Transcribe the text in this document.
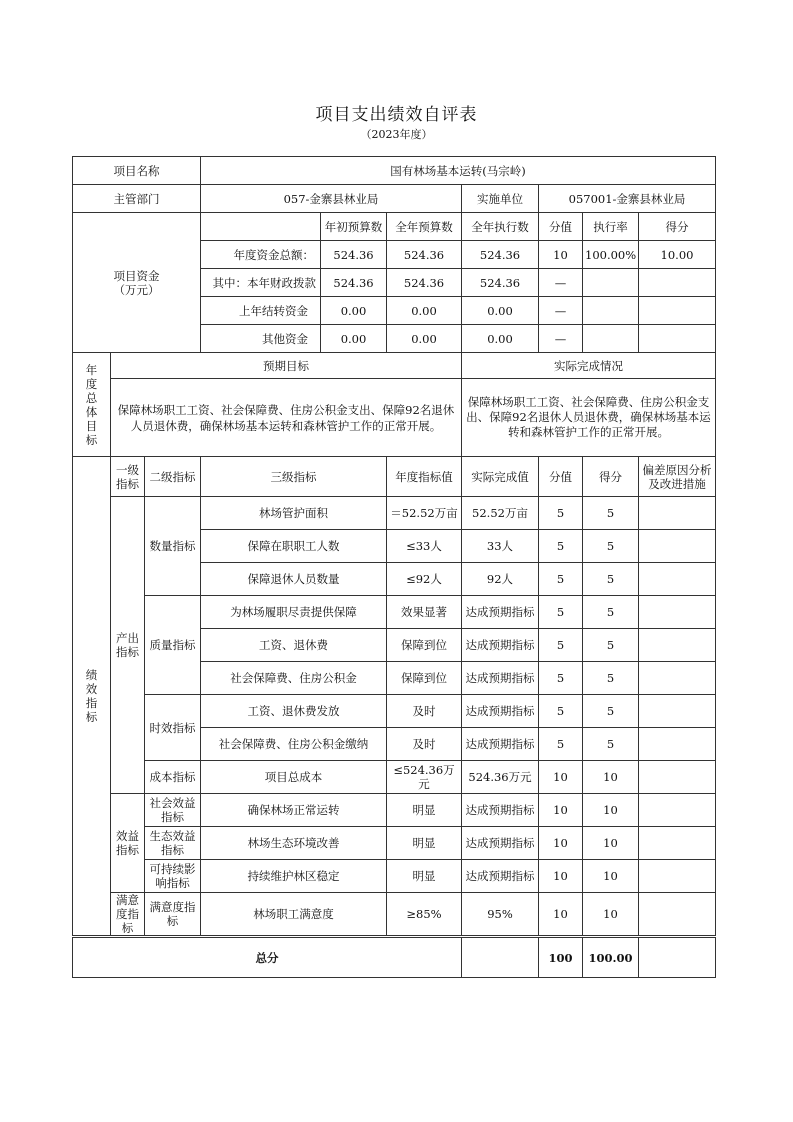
项目支出绩效自评表
（2023年度）
项目名称	国有林场基本运转(马宗岭)		
主管部门	057-金寨县林业局	实施单位	057001-金寨县林业局
项目资金
（万元）		年初预算数	全年预算数	全年执行数	分值	执行率	得分
	年度资金总额：	524.36	524.36	524.36	10	100.00%	10.00
	其中：本年财政拨款	524.36	524.36	524.36	—		
	上年结转资金	0.00	0.00	0.00	—		
	其他资金	0.00	0.00	0.00	—		
年度总体目标	预期目标	实际完成情况
	保障林场职工工资、社会保障费、住房公积金支出、保障92名退休人员退休费，确保林场基本运转和森林管护工作的正常开展。	保障林场职工工资、社会保障费、住房公积金支出、保障92名退休人员退休费，确保林场基本运转和森林管护工作的正常开展。
绩效指标	一级指标	二级指标	三级指标	年度指标值	实际完成值	分值	得分	偏差原因分析及改进措施
	产出指标	数量指标	林场管护面积	＝52.52万亩	52.52万亩	5	5	
			保障在职职工人数	≤33人	33人	5	5	
			保障退休人员数量	≤92人	92人	5	5	
		质量指标	为林场履职尽责提供保障	效果显著	达成预期指标	5	5	
			工资、退休费	保障到位	达成预期指标	5	5	
			社会保障费、住房公积金	保障到位	达成预期指标	5	5	
		时效指标	工资、退休费发放	及时	达成预期指标	5	5	
			社会保障费、住房公积金缴纳	及时	达成预期指标	5	5	
		成本指标	项目总成本	≤524.36万元	524.36万元	10	10	
	效益指标	社会效益指标	确保林场正常运转	明显	达成预期指标	10	10	
		生态效益指标	林场生态环境改善	明显	达成预期指标	10	10	
		可持续影响指标	持续维护林区稳定	明显	达成预期指标	10	10	
	满意度指标	满意度指标	林场职工满意度	≥85%	95%	10	10	
总分		100	100.00	
